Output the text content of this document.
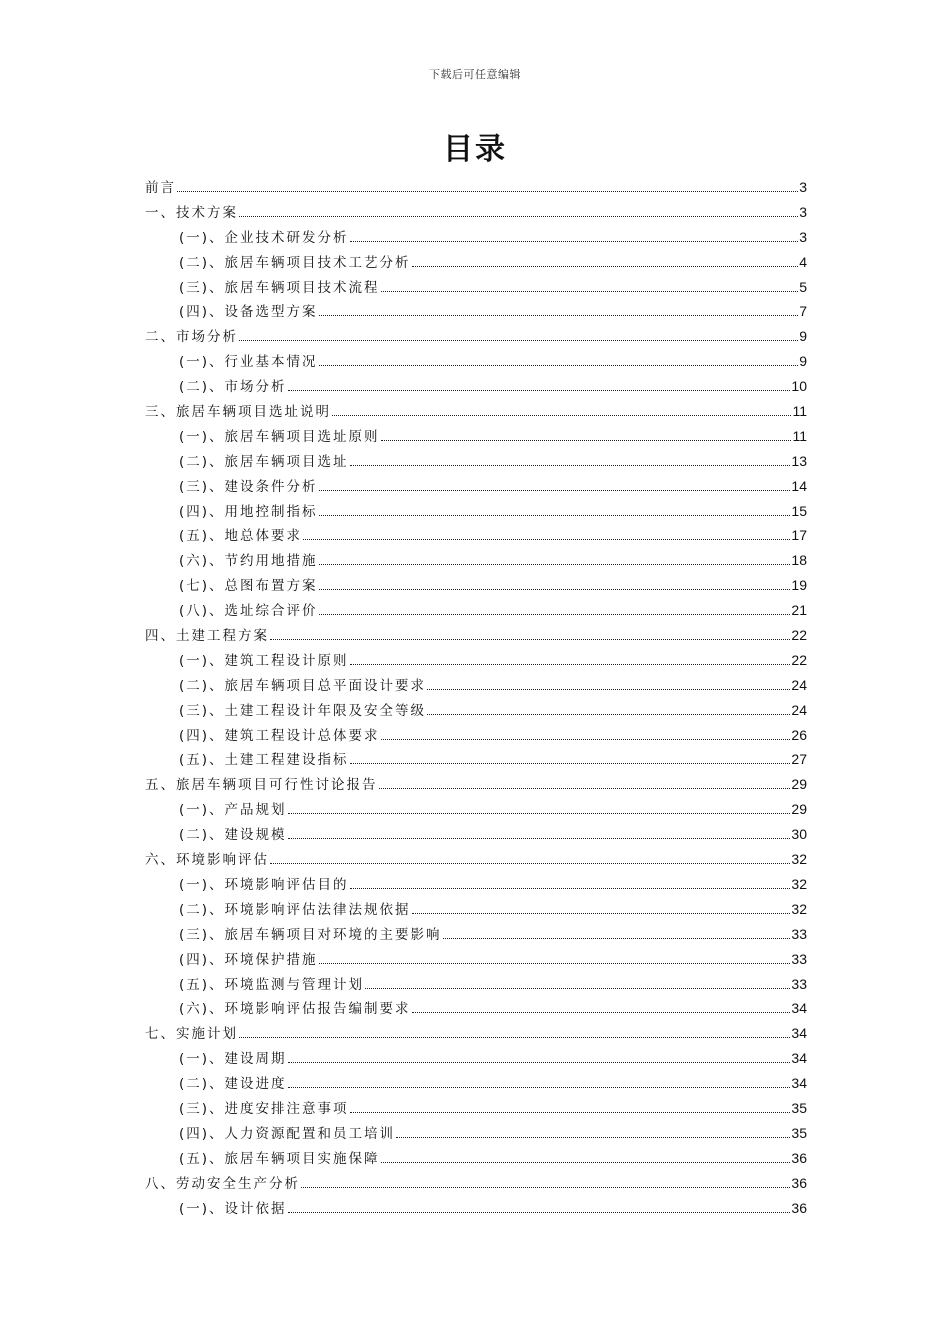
下载后可任意编辑
目录
前言	3
一、技术方案	3
(一)、企业技术研发分析	3
(二)、旅居车辆项目技术工艺分析	4
(三)、旅居车辆项目技术流程	5
(四)、设备选型方案	7
二、市场分析	9
(一)、行业基本情况	9
(二)、市场分析	10
三、旅居车辆项目选址说明	11
(一)、旅居车辆项目选址原则	11
(二)、旅居车辆项目选址	13
(三)、建设条件分析	14
(四)、用地控制指标	15
(五)、地总体要求	17
(六)、节约用地措施	18
(七)、总图布置方案	19
(八)、选址综合评价	21
四、土建工程方案	22
(一)、建筑工程设计原则	22
(二)、旅居车辆项目总平面设计要求	24
(三)、土建工程设计年限及安全等级	24
(四)、建筑工程设计总体要求	26
(五)、土建工程建设指标	27
五、旅居车辆项目可行性讨论报告	29
(一)、产品规划	29
(二)、建设规模	30
六、环境影响评估	32
(一)、环境影响评估目的	32
(二)、环境影响评估法律法规依据	32
(三)、旅居车辆项目对环境的主要影响	33
(四)、环境保护措施	33
(五)、环境监测与管理计划	33
(六)、环境影响评估报告编制要求	34
七、实施计划	34
(一)、建设周期	34
(二)、建设进度	34
(三)、进度安排注意事项	35
(四)、人力资源配置和员工培训	35
(五)、旅居车辆项目实施保障	36
八、劳动安全生产分析	36
(一)、设计依据	36
